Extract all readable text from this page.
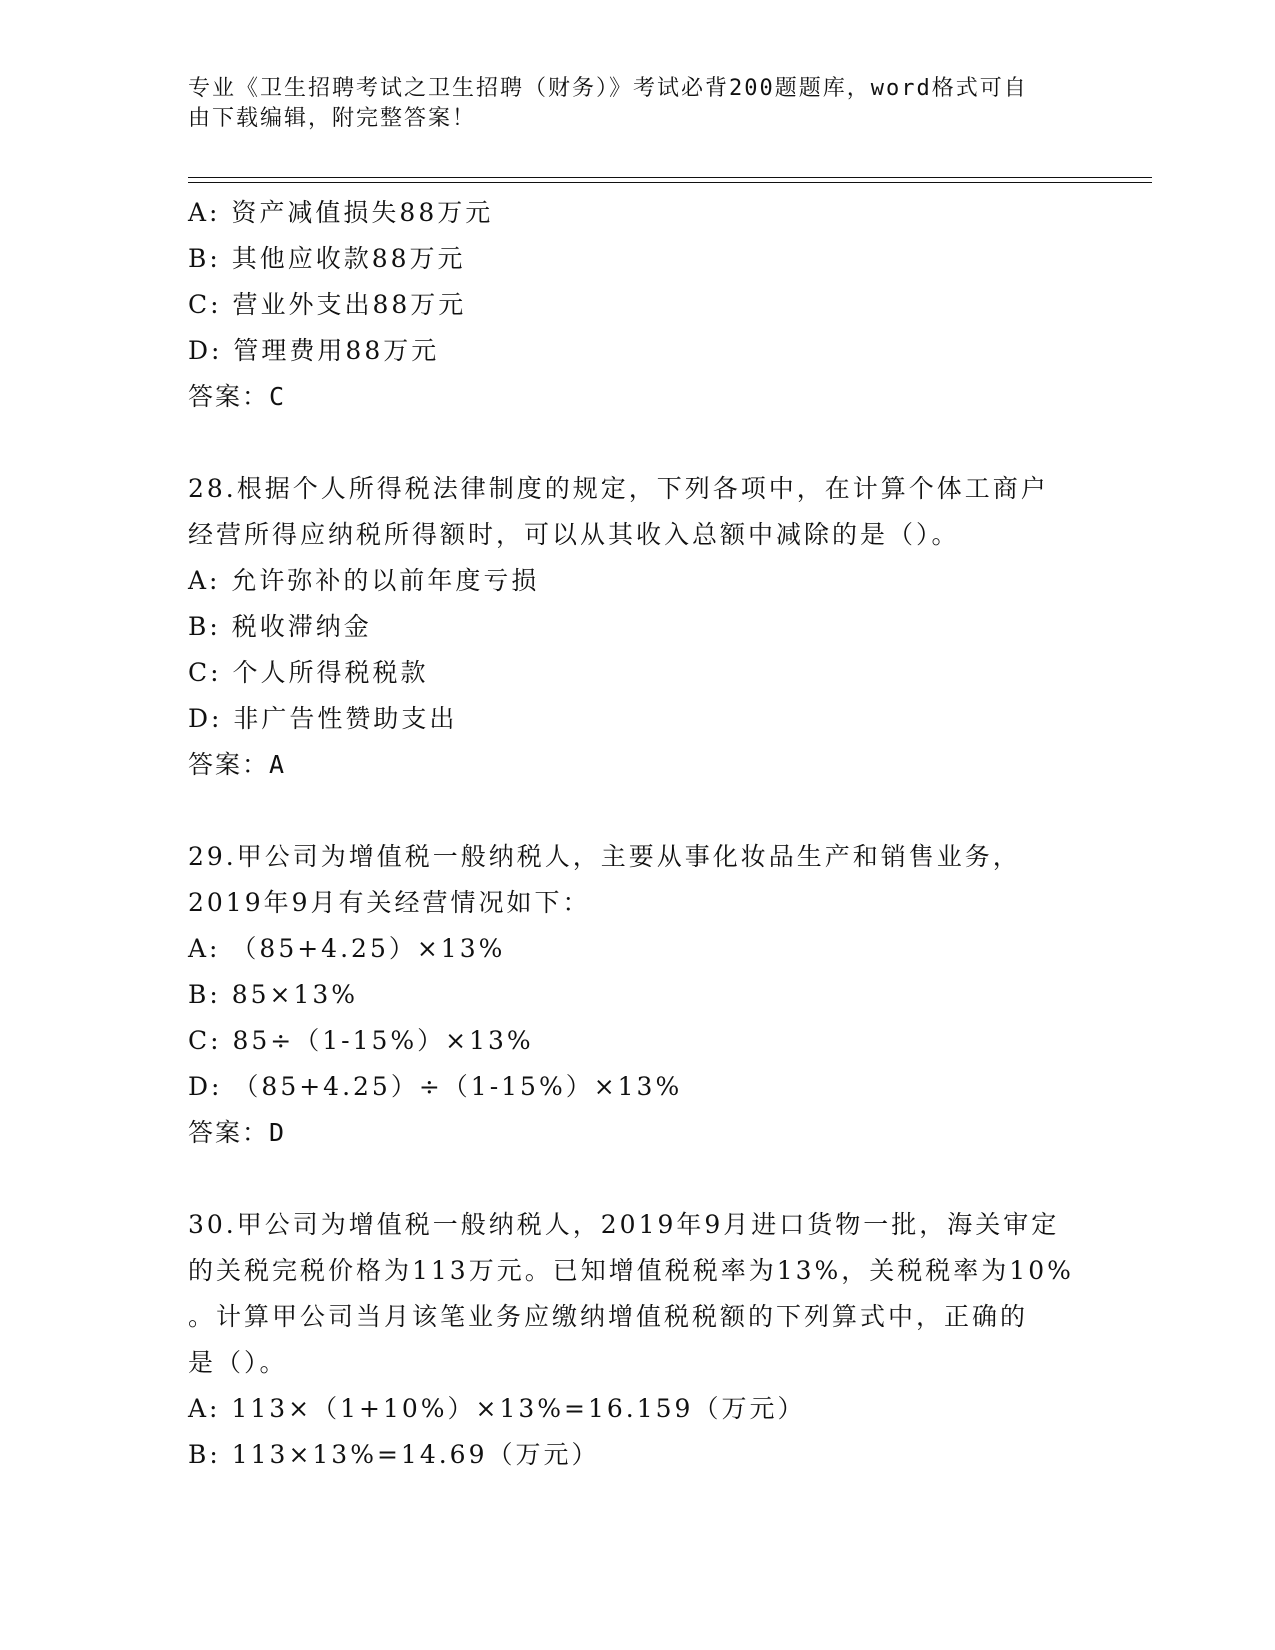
专业《卫生招聘考试之卫生招聘（财务）》考试必背200题题库，word格式可自
由下载编辑，附完整答案！
A: 资产减值损失88万元
B: 其他应收款88万元
C: 营业外支出88万元
D: 管理费用88万元
答案：C
28.根据个人所得税法律制度的规定，下列各项中，在计算个体工商户
经营所得应纳税所得额时，可以从其收入总额中减除的是（）。
A: 允许弥补的以前年度亏损
B: 税收滞纳金
C: 个人所得税税款
D: 非广告性赞助支出
答案：A
29.甲公司为增值税一般纳税人，主要从事化妆品生产和销售业务，
2019年9月有关经营情况如下：
A: （85+4.25）×13%
B: 85×13%
C: 85÷（1-15%）×13%
D: （85+4.25）÷（1-15%）×13%
答案：D
30.甲公司为增值税一般纳税人，2019年9月进口货物一批，海关审定
的关税完税价格为113万元。已知增值税税率为13%，关税税率为10%
。计算甲公司当月该笔业务应缴纳增值税税额的下列算式中，正确的
是（）。
A: 113×（1+10%）×13%=16.159（万元）
B: 113×13%=14.69（万元）
